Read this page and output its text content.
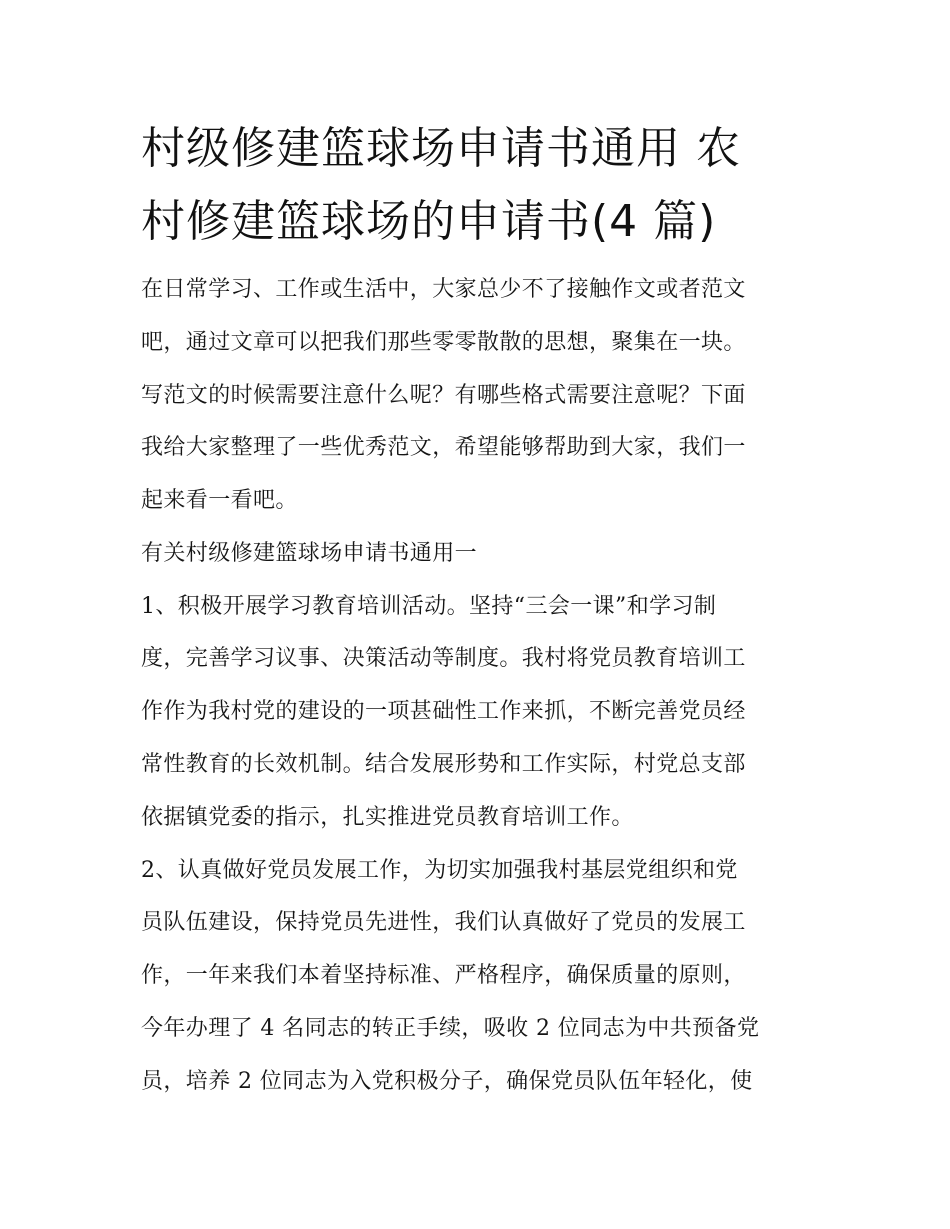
村级修建篮球场申请书通用 农
村修建篮球场的申请书(4 篇)

在日常学习、工作或生活中，大家总少不了接触作文或者范文
吧，通过文章可以把我们那些零零散散的思想，聚集在一块。
写范文的时候需要注意什么呢？有哪些格式需要注意呢？下面
我给大家整理了一些优秀范文，希望能够帮助到大家，我们一
起来看一看吧。

有关村级修建篮球场申请书通用一

1、积极开展学习教育培训活动。坚持“三会一课”和学习制
度，完善学习议事、决策活动等制度。我村将党员教育培训工
作作为我村党的建设的一项甚础性工作来抓，不断完善党员经
常性教育的长效机制。结合发展形势和工作实际，村党总支部
依据镇党委的指示，扎实推进党员教育培训工作。

2、认真做好党员发展工作，为切实加强我村基层党组织和党
员队伍建设，保持党员先进性，我们认真做好了党员的发展工
作，一年来我们本着坚持标准、严格程序，确保质量的原则，
今年办理了 4 名同志的转正手续，吸收 2 位同志为中共预备党
员，培养 2 位同志为入党积极分子，确保党员队伍年轻化，使
